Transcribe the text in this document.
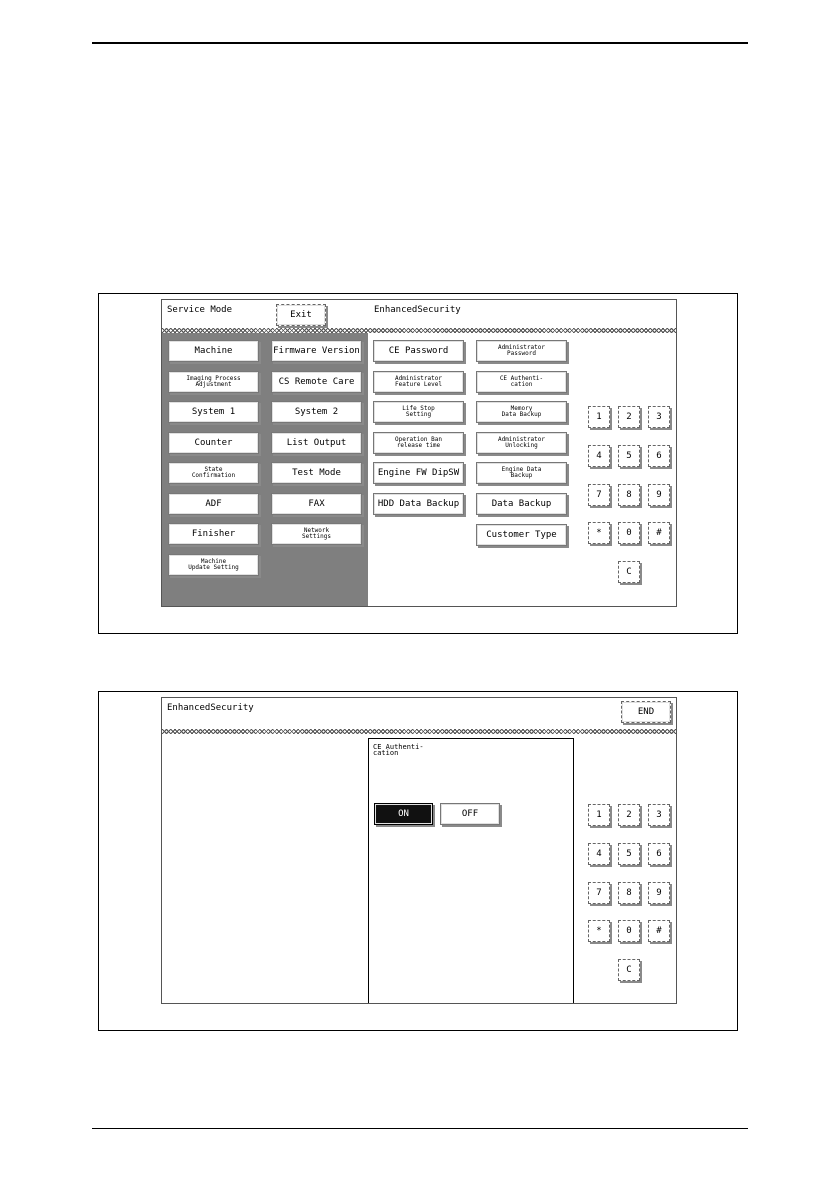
Service Mode	Exit	EnhancedSecurity
Machine	Firmware Version
Imaging Process
Adjustment	CS Remote Care
System 1	System 2
Counter	List Output
State
Confirmation	Test Mode
ADF	FAX
Finisher	Network
Settings
Machine
Update Setting
CE Password	Administrator
Password
Administrator
Feature Level
CE Authenti-
cation
Life Stop
Setting
Memory
Data Backup
Operation Ban
release time
Administrator
Unlocking
Engine FW DipSW	Engine Data
Backup
HDD Data Backup	Data Backup
Customer Type
1	2	3
4	5	6
7	8	9
*	0	#
C
EnhancedSecurity	END
CE Authenti-
cation
ON	OFF	1	2	3
4	5	6
7	8	9
*	0	#
C
